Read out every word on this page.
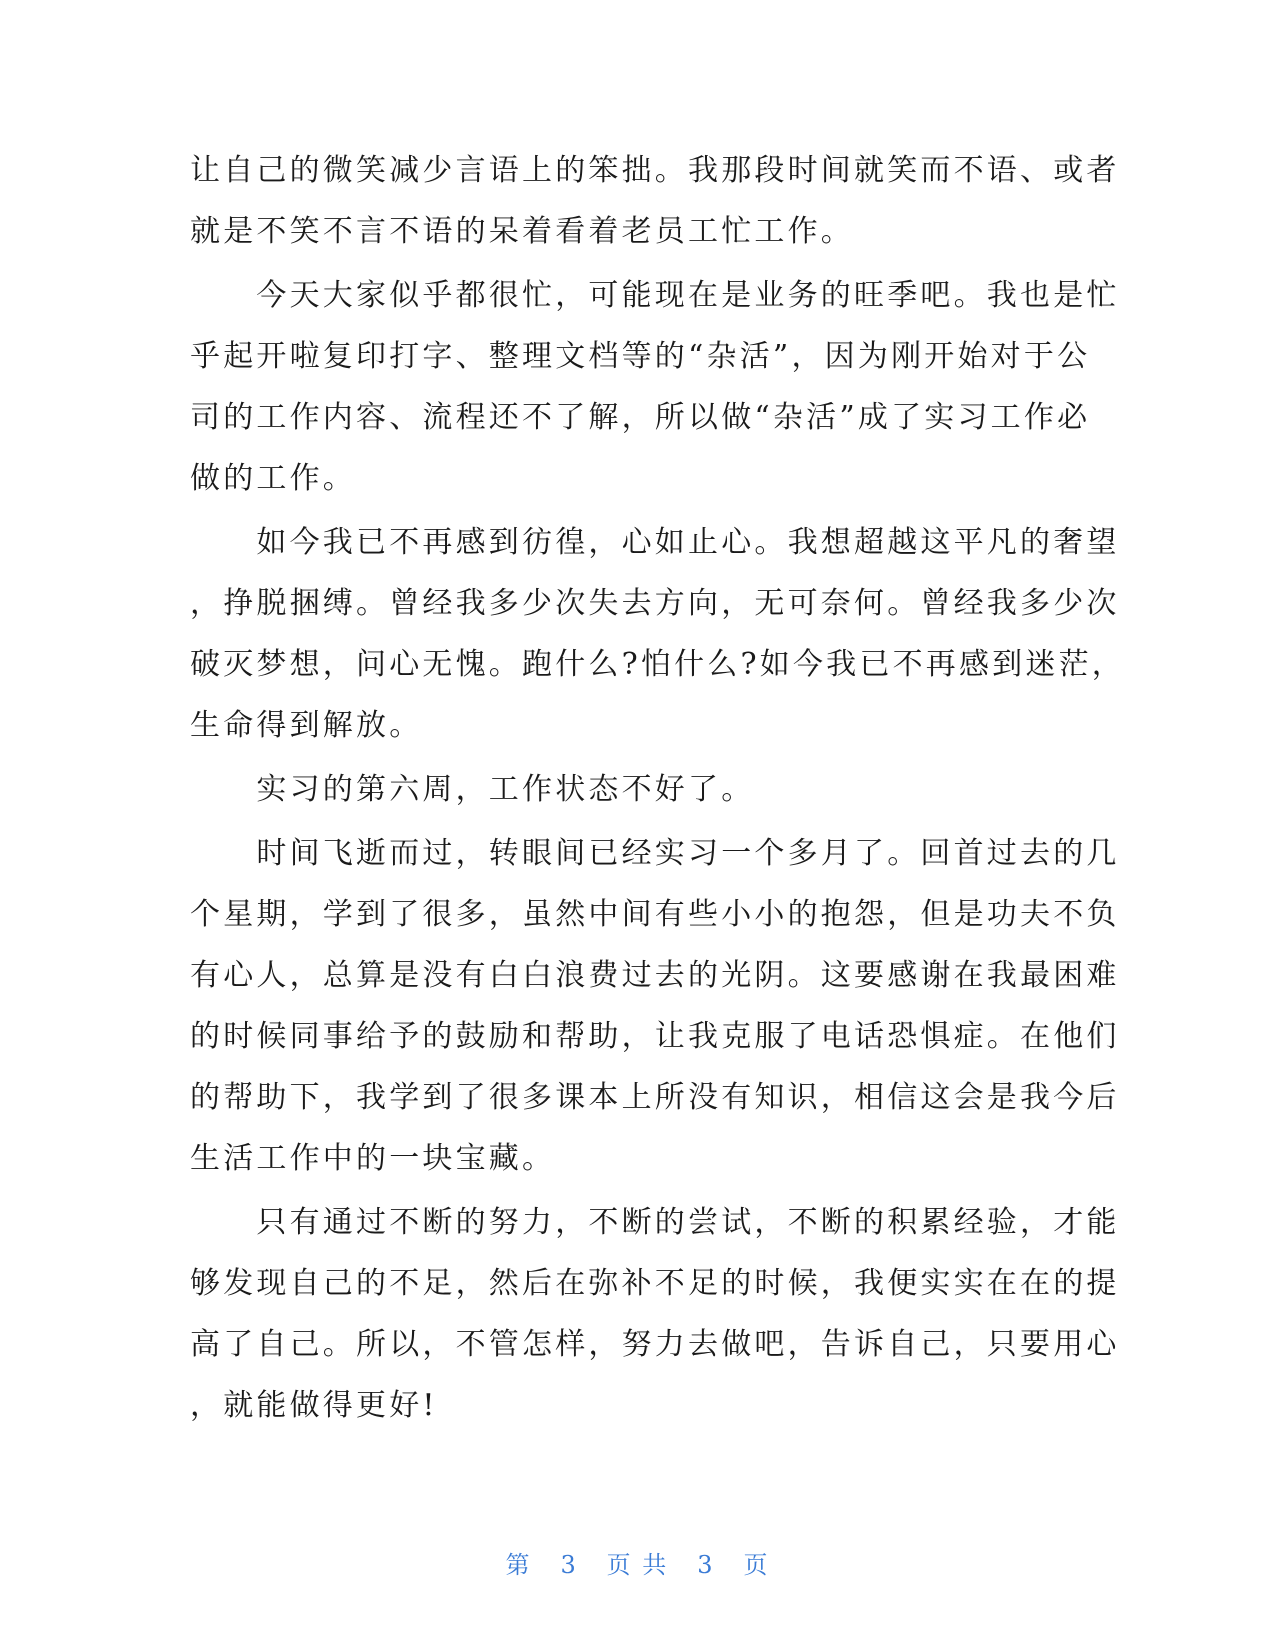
让自己的微笑减少言语上的笨拙。我那段时间就笑而不语、或者
就是不笑不言不语的呆着看着老员工忙工作。
　　今天大家似乎都很忙，可能现在是业务的旺季吧。我也是忙
乎起开啦复印打字、整理文档等的“杂活”，因为刚开始对于公
司的工作内容、流程还不了解，所以做“杂活”成了实习工作必
做的工作。
　　如今我已不再感到彷徨，心如止心。我想超越这平凡的奢望
，挣脱捆缚。曾经我多少次失去方向，无可奈何。曾经我多少次
破灭梦想，问心无愧。跑什么?怕什么?如今我已不再感到迷茫，
生命得到解放。
　　实习的第六周，工作状态不好了。
　　时间飞逝而过，转眼间已经实习一个多月了。回首过去的几
个星期，学到了很多，虽然中间有些小小的抱怨，但是功夫不负
有心人，总算是没有白白浪费过去的光阴。这要感谢在我最困难
的时候同事给予的鼓励和帮助，让我克服了电话恐惧症。在他们
的帮助下，我学到了很多课本上所没有知识，相信这会是我今后
生活工作中的一块宝藏。
　　只有通过不断的努力，不断的尝试，不断的积累经验，才能
够发现自己的不足，然后在弥补不足的时候，我便实实在在的提
高了自己。所以，不管怎样，努力去做吧，告诉自己，只要用心
，就能做得更好!
第 3 页 共 3 页
